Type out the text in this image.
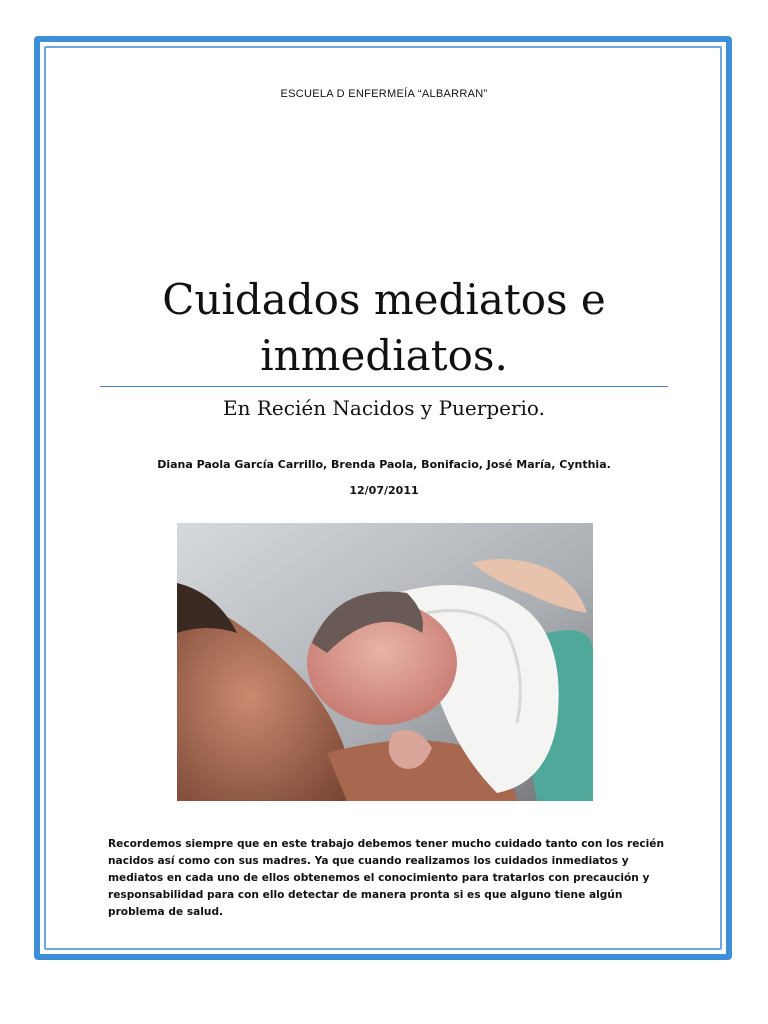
ESCUELA D ENFERMEÍA “ALBARRAN”
Cuidados mediatos e inmediatos.
En Recién Nacidos y Puerperio.
Diana Paola García Carrillo, Brenda Paola, Bonifacio, José María, Cynthia.
12/07/2011
Recordemos siempre que en este trabajo debemos tener mucho cuidado tanto con los recién nacidos así como con sus madres. Ya que cuando realizamos los cuidados inmediatos y mediatos en cada uno de ellos obtenemos el conocimiento para tratarlos con precaución y responsabilidad para con ello detectar de manera pronta si es que alguno tiene algún problema de salud.
